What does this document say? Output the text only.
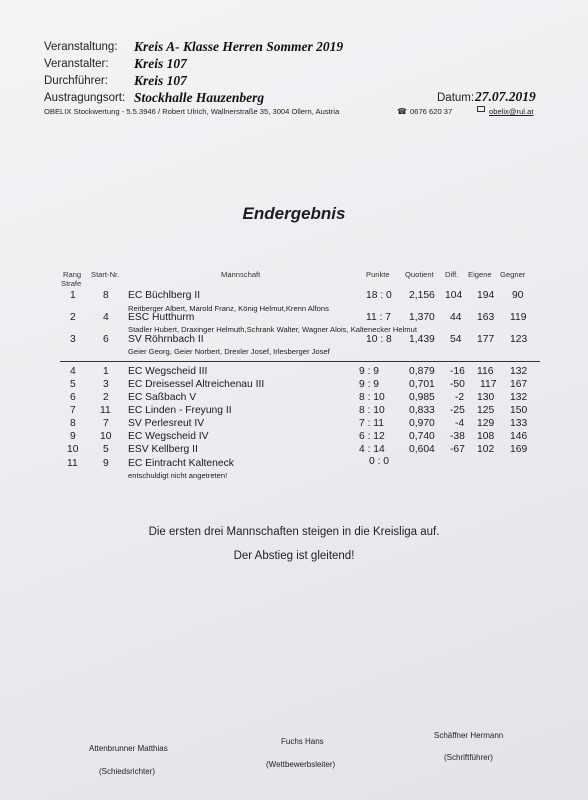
Veranstaltung: Kreis A- Klasse Herren Sommer 2019
Veranstalter: Kreis 107
Durchführer: Kreis 107
Austragungsort: Stockhalle Hauzenberg	Datum: 27.07.2019
OBELIX Stockwertung - 5.5.3946 / Robert Ulrich, Wallnerstraße 35, 3004 Ollern, Austria	☎ 0676 620 37	obelix@rul.at
Endergebnis
Rang
Strafe
Start-Nr.	Mannschaft	Punkte Quotient Diff. Eigene Gegner
1	8 EC Büchlberg II	18 : 0 2,156 104 194 90
Reitberger Albert, Marold Franz, König Helmut,Krenn Alfons
2	4 ESC Hutthurm	11 : 7 1,370 44 163 119
Stadler Hubert, Draxinger Helmuth,Schrank Walter, Wagner Alois, Kaltenecker Helmut
3	6 SV Röhrnbach II	10 : 8 1,439 54 177 123
Geier Georg, Geier Norbert, Drexler Josef, Irlesberger Josef
4	1 EC Wegscheid III	9 : 9	0,879 -16 116 132
5	3 EC Dreisessel Altreichenau III	9 : 9	0,701 -50 117 167
6	2 EC Saßbach V	8 : 10 0,985 -2 130 132
7 11 EC Linden - Freyung II	8 : 10 0,833 -25 125 150
8	7 SV Perlesreut IV	7 : 11 0,970 -4 129 133
9 10 EC Wegscheid IV	6 : 12 0,740 -38 108 146
10 5 ESV Kellberg II	4 : 14 0,604 -67 102 169
11 9 EC Eintracht Kalteneck	0 : 0
entschuldigt nicht angetreten!
Die ersten drei Mannschaften steigen in die Kreisliga auf.
Der Abstieg ist gleitend!
Attenbrunner Matthias
(Schiedsrichter)
Fuchs Hans
(Wettbewerbsleiter)
Schäffner Hermann
(Schriftführer)
